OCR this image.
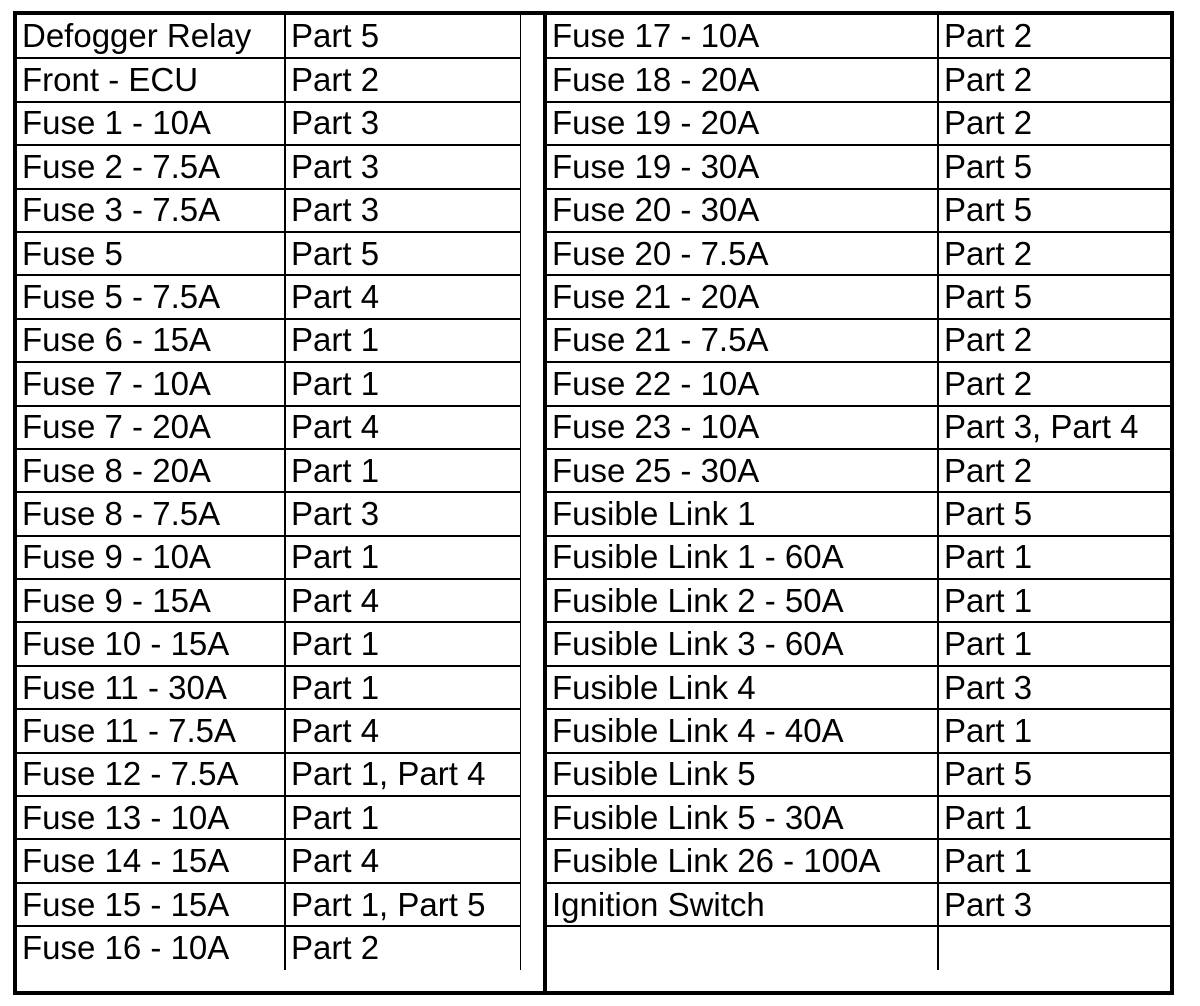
Defogger Relay	Part 5
Front - ECU	Part 2
Fuse 1 - 10A	Part 3
Fuse 2 - 7.5A	Part 3
Fuse 3 - 7.5A	Part 3
Fuse 5	Part 5
Fuse 5 - 7.5A	Part 4
Fuse 6 - 15A	Part 1
Fuse 7 - 10A	Part 1
Fuse 7 - 20A	Part 4
Fuse 8 - 20A	Part 1
Fuse 8 - 7.5A	Part 3
Fuse 9 - 10A	Part 1
Fuse 9 - 15A	Part 4
Fuse 10 - 15A	Part 1
Fuse 11 - 30A	Part 1
Fuse 11 - 7.5A	Part 4
Fuse 12 - 7.5A	Part 1, Part 4
Fuse 13 - 10A	Part 1
Fuse 14 - 15A	Part 4
Fuse 15 - 15A	Part 1, Part 5
Fuse 16 - 10A	Part 2
Fuse 17 - 10A	Part 2
Fuse 18 - 20A	Part 2
Fuse 19 - 20A	Part 2
Fuse 19 - 30A	Part 5
Fuse 20 - 30A	Part 5
Fuse 20 - 7.5A	Part 2
Fuse 21 - 20A	Part 5
Fuse 21 - 7.5A	Part 2
Fuse 22 - 10A	Part 2
Fuse 23 - 10A	Part 3, Part 4
Fuse 25 - 30A	Part 2
Fusible Link 1	Part 5
Fusible Link 1 - 60A	Part 1
Fusible Link 2 - 50A	Part 1
Fusible Link 3 - 60A	Part 1
Fusible Link 4	Part 3
Fusible Link 4 - 40A	Part 1
Fusible Link 5	Part 5
Fusible Link 5 - 30A	Part 1
Fusible Link 26 - 100A	Part 1
Ignition Switch	Part 3
